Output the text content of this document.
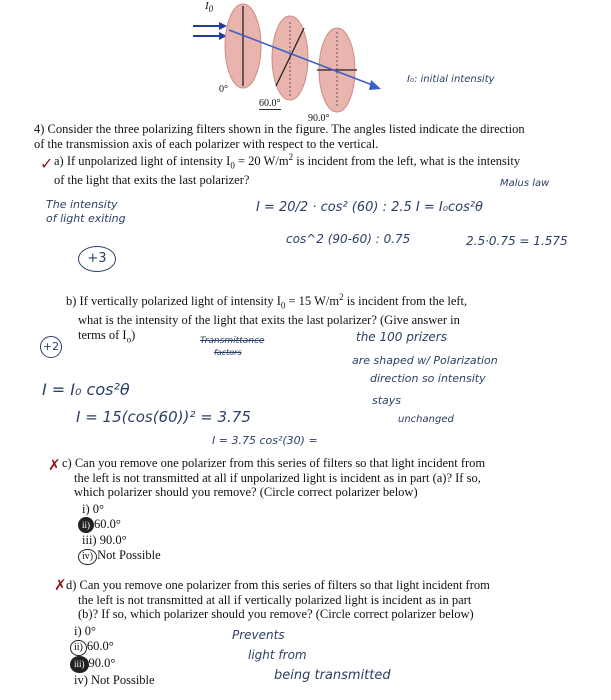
$I_0$
0°
60.0°
90.0°
I₀: initial intensity
4) Consider the three polarizing filters shown in the figure. The angles listed indicate the direction of the transmission axis of each polarizer with respect to the vertical.
✓ a) If unpolarized light of intensity $I_0 = 20$ $W/m^2$ is incident from the left, what is the intensity of the light that exits the last polarizer?	Malus law
The intensity
of light exiting
I = 20/2 · cos² (60) : 2.5 I = I₀cos²θ
cos^2 (90-60) : 0.75	2.5·0.75 = 1.575
+3
b) If vertically polarized light of intensity $I_0 = 15$ $W/m^2$ is incident from the left,
what is the intensity of the light that exits the last polarizer? (Give answer in
terms of $I_o$)
+2	Transmittance
factors
the 100 prizers
are shaped w/ Polarization
direction so intensity
stays
unchanged
I = I₀ cos²θ
I = 15(cos(60))² = 3.75
I = 3.75 cos²(30) =
✗ c) Can you remove one polarizer from this series of filters so that light incident from
the left is not transmitted at all if unpolarized light is incident as in part (a)? If so,
which polarizer should you remove? (Circle correct polarizer below)
i) 0°
ii) 60.0°
iii) 90.0°
iv) Not Possible
✗ d) Can you remove one polarizer from this series of filters so that light incident from
the left is not transmitted at all if vertically polarized light is incident as in part
(b)? If so, which polarizer should you remove? (Circle correct polarizer below)
i) 0°
ii) 60.0°
iii) 90.0°
iv) Not Possible
Prevents
light from
being transmitted
